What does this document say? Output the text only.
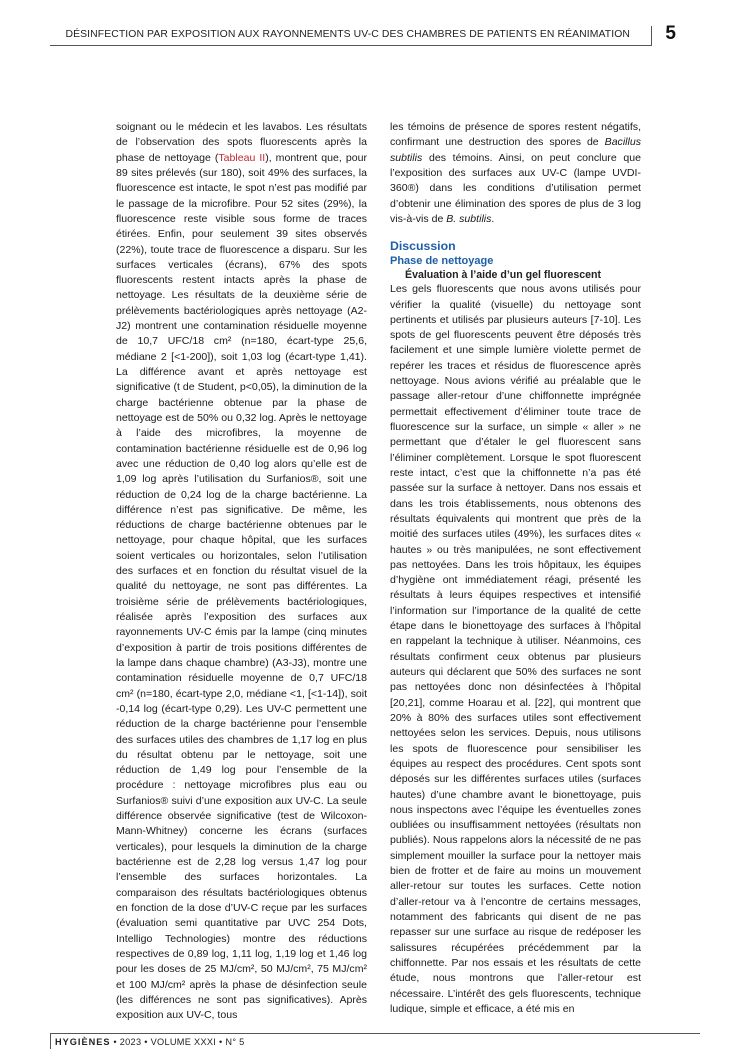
DÉSINFECTION PAR EXPOSITION AUX RAYONNEMENTS UV-C DES CHAMBRES DE PATIENTS EN RÉANIMATION 5

soignant ou le médecin et les lavabos. Les résultats de l’observation des spots fluorescents après la phase de nettoyage (Tableau II), montrent que, pour 89 sites prélevés (sur 180), soit 49% des surfaces, la fluorescence est intacte, le spot n’est pas modifié par le passage de la microfibre. Pour 52 sites (29%), la fluorescence reste visible sous forme de traces étirées. Enfin, pour seulement 39 sites observés (22%), toute trace de fluorescence a disparu. Sur les surfaces verticales (écrans), 67% des spots fluorescents restent intacts après la phase de nettoyage. Les résultats de la deuxième série de prélèvements bactériologiques après nettoyage (A2-J2) montrent une contamination résiduelle moyenne de 10,7 UFC/18 cm² (n=180, écart-type 25,6, médiane 2 [<1-200]), soit 1,03 log (écart-type 1,41). La différence avant et après nettoyage est significative (t de Student, p<0,05), la diminution de la charge bactérienne obtenue par la phase de nettoyage est de 50% ou 0,32 log. Après le nettoyage à l’aide des microfibres, la moyenne de contamination bactérienne résiduelle est de 0,96 log avec une réduction de 0,40 log alors qu’elle est de 1,09 log après l’utilisation du Surfanios®, soit une réduction de 0,24 log de la charge bactérienne. La différence n’est pas significative. De même, les réductions de charge bactérienne obtenues par le nettoyage, pour chaque hôpital, que les surfaces soient verticales ou horizontales, selon l’utilisation des surfaces et en fonction du résultat visuel de la qualité du nettoyage, ne sont pas différentes. La troisième série de prélèvements bactériologiques, réalisée après l’exposition des surfaces aux rayonnements UV-C émis par la lampe (cinq minutes d’exposition à partir de trois positions différentes de la lampe dans chaque chambre) (A3-J3), montre une contamination résiduelle moyenne de 0,7 UFC/18 cm² (n=180, écart-type 2,0, médiane <1, [<1-14]), soit -0,14 log (écart-type 0,29). Les UV-C permettent une réduction de la charge bactérienne pour l’ensemble des surfaces utiles des chambres de 1,17 log en plus du résultat obtenu par le nettoyage, soit une réduction de 1,49 log pour l’ensemble de la procédure : nettoyage microfibres plus eau ou Surfanios® suivi d’une exposition aux UV-C. La seule différence observée significative (test de Wilcoxon-Mann-Whitney) concerne les écrans (surfaces verticales), pour lesquels la diminution de la charge bactérienne est de 2,28 log versus 1,47 log pour l’ensemble des surfaces horizontales. La comparaison des résultats bactériologiques obtenus en fonction de la dose d’UV-C reçue par les surfaces (évaluation semi quantitative par UVC 254 Dots, Intelligo Technologies) montre des réductions respectives de 0,89 log, 1,11 log, 1,19 log et 1,46 log pour les doses de 25 MJ/cm², 50 MJ/cm², 75 MJ/cm² et 100 MJ/cm² après la phase de désinfection seule (les différences ne sont pas significatives). Après exposition aux UV-C, tous

les témoins de présence de spores restent négatifs, confirmant une destruction des spores de Bacillus subtilis des témoins. Ainsi, on peut conclure que l’exposition des surfaces aux UV-C (lampe UVDI-360®) dans les conditions d’utilisation permet d’obtenir une élimination des spores de plus de 3 log vis-à-vis de B. subtilis.

Discussion
Phase de nettoyage
Évaluation à l’aide d’un gel fluorescent

Les gels fluorescents que nous avons utilisés pour vérifier la qualité (visuelle) du nettoyage sont pertinents et utilisés par plusieurs auteurs [7-10]. Les spots de gel fluorescents peuvent être déposés très facilement et une simple lumière violette permet de repérer les traces et résidus de fluorescence après nettoyage. Nous avions vérifié au préalable que le passage aller-retour d’une chiffonnette imprégnée permettait effectivement d’éliminer toute trace de fluorescence sur la surface, un simple « aller » ne permettant que d’étaler le gel fluorescent sans l’éliminer complètement. Lorsque le spot fluorescent reste intact, c’est que la chiffonnette n’a pas été passée sur la surface à nettoyer. Dans nos essais et dans les trois établissements, nous obtenons des résultats équivalents qui montrent que près de la moitié des surfaces utiles (49%), les surfaces dites « hautes » ou très manipulées, ne sont effectivement pas nettoyées. Dans les trois hôpitaux, les équipes d’hygiène ont immédiatement réagi, présenté les résultats à leurs équipes respectives et intensifié l’information sur l’importance de la qualité de cette étape dans le bionettoyage des surfaces à l’hôpital en rappelant la technique à utiliser. Néanmoins, ces résultats confirment ceux obtenus par plusieurs auteurs qui déclarent que 50% des surfaces ne sont pas nettoyées donc non désinfectées à l’hôpital [20,21], comme Hoarau et al. [22], qui montrent que 20% à 80% des surfaces utiles sont effectivement nettoyées selon les services. Depuis, nous utilisons les spots de fluorescence pour sensibiliser les équipes au respect des procédures. Cent spots sont déposés sur les différentes surfaces utiles (surfaces hautes) d’une chambre avant le bionettoyage, puis nous inspectons avec l’équipe les éventuelles zones oubliées ou insuffisamment nettoyées (résultats non publiés). Nous rappelons alors la nécessité de ne pas simplement mouiller la surface pour la nettoyer mais bien de frotter et de faire au moins un mouvement aller-retour sur toutes les surfaces. Cette notion d’aller-retour va à l’encontre de certains messages, notamment des fabricants qui disent de ne pas repasser sur une surface au risque de redéposer les salissures récupérées précédemment par la chiffonnette. Par nos essais et les résultats de cette étude, nous montrons que l’aller-retour est nécessaire. L’intérêt des gels fluorescents, technique ludique, simple et efficace, a été mis en

HYGIÈNES • 2023 • VOLUME XXXI • N° 5
